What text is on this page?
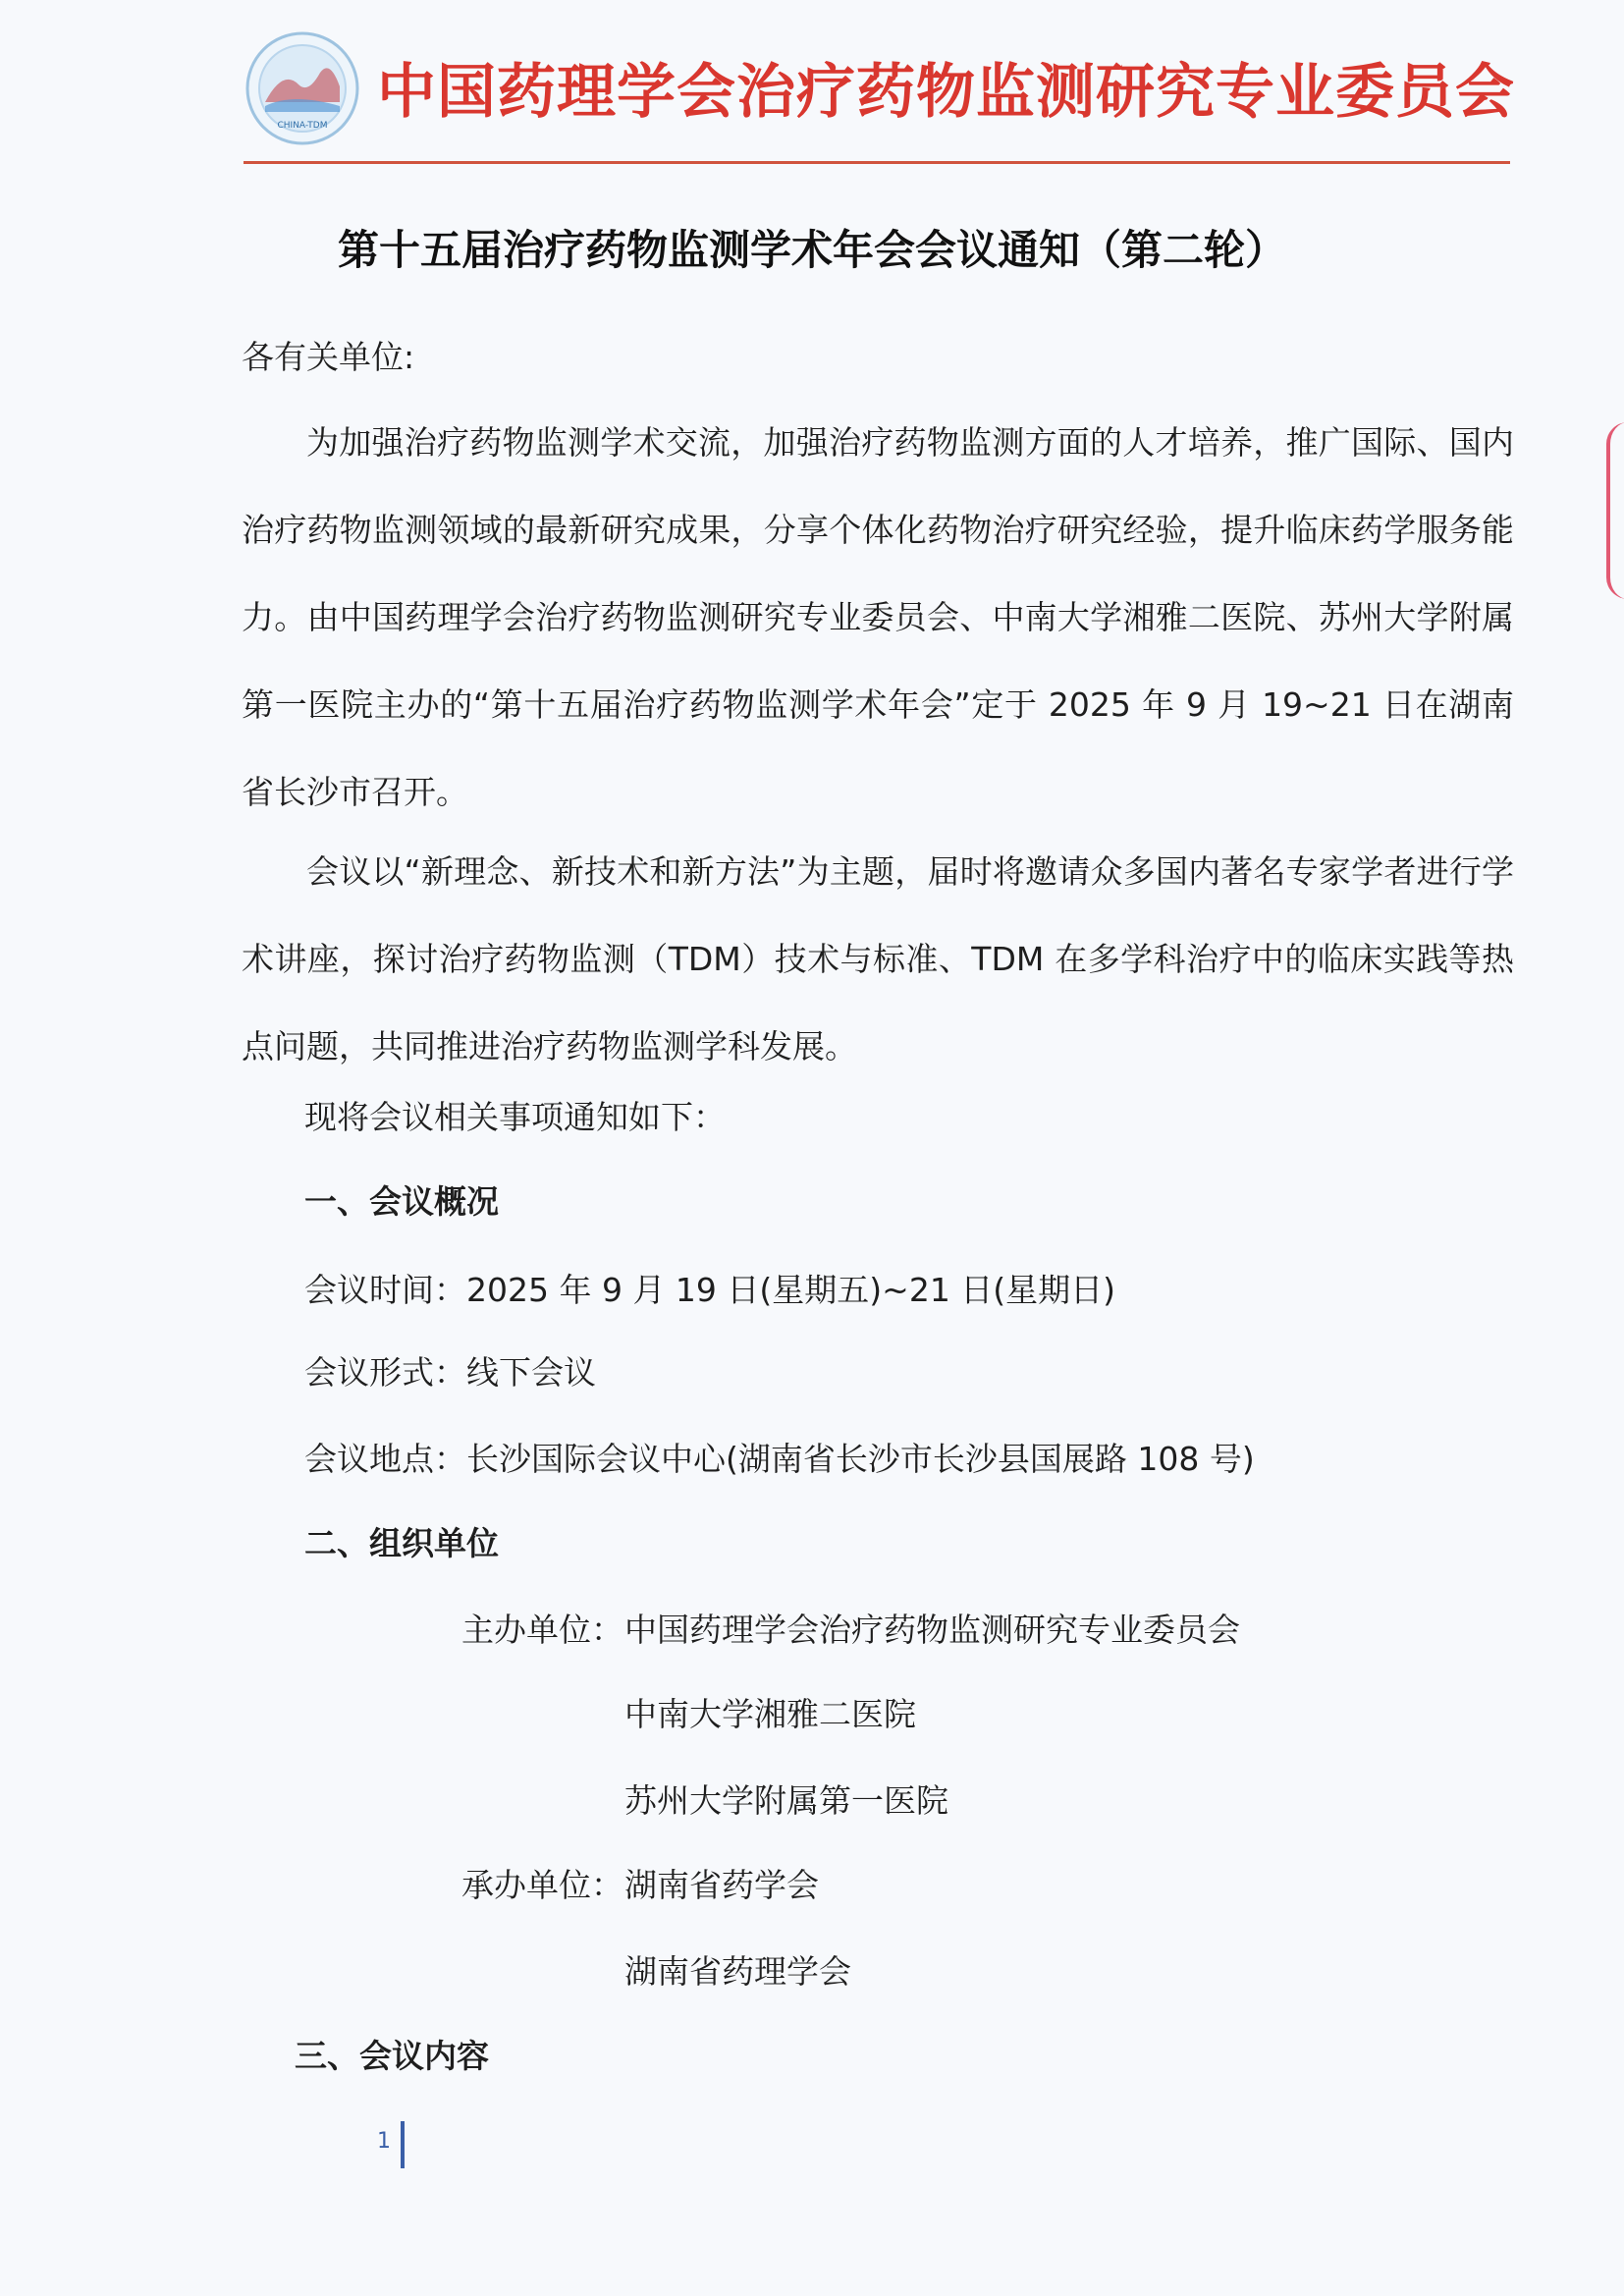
CHINA-TDM 中国药理学会治疗药物监测研究专业委员会
第十五届治疗药物监测学术年会会议通知（第二轮）
各有关单位:
为加强治疗药物监测学术交流，加强治疗药物监测方面的人才培养，推广国际、国内治疗药物监测领域的最新研究成果，分享个体化药物治疗研究经验，提升临床药学服务能力。由中国药理学会治疗药物监测研究专业委员会、中南大学湘雅二医院、苏州大学附属第一医院主办的“第十五届治疗药物监测学术年会”定于 2025 年 9 月 19~21 日在湖南省长沙市召开。
会议以“新理念、新技术和新方法”为主题，届时将邀请众多国内著名专家学者进行学术讲座，探讨治疗药物监测（TDM）技术与标准、TDM 在多学科治疗中的临床实践等热点问题，共同推进治疗药物监测学科发展。
现将会议相关事项通知如下：
一、会议概况
会议时间：2025 年 9 月 19 日(星期五)~21 日(星期日)
会议形式：线下会议
会议地点：长沙国际会议中心(湖南省长沙市长沙县国展路 108 号)
二、组织单位
主办单位： 中国药理学会治疗药物监测研究专业委员会
中南大学湘雅二医院
苏州大学附属第一医院
承办单位： 湖南省药学会
湖南省药理学会
三、会议内容
1
